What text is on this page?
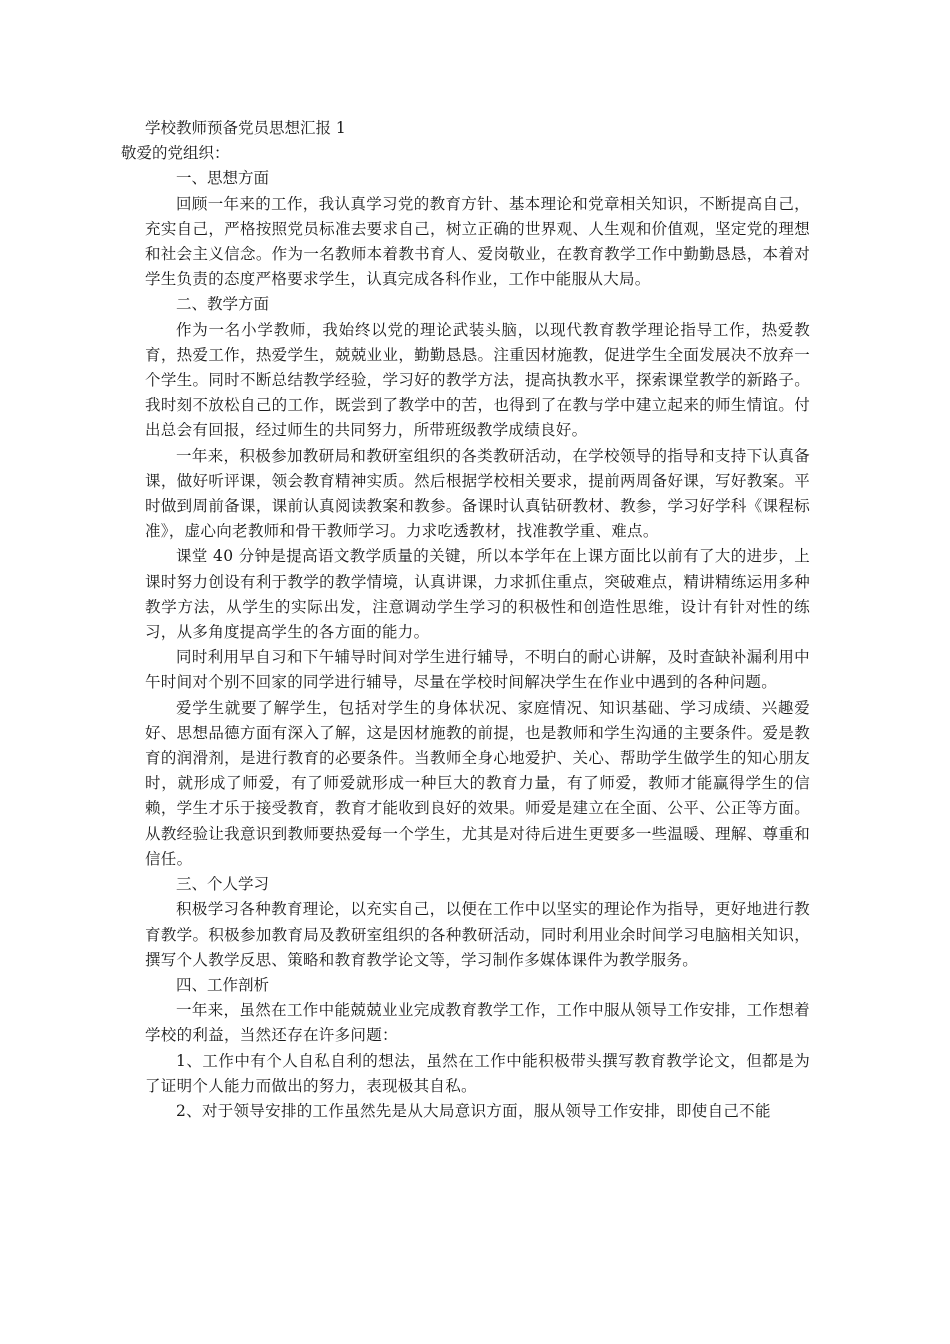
学校教师预备党员思想汇报 1

敬爱的党组织：

一、思想方面

回顾一年来的工作，我认真学习党的教育方针、基本理论和党章相关知识，不断提高自己，充实自己，严格按照党员标准去要求自己，树立正确的世界观、人生观和价值观，坚定党的理想和社会主义信念。作为一名教师本着教书育人、爱岗敬业，在教育教学工作中勤勤恳恳，本着对学生负责的态度严格要求学生，认真完成各科作业，工作中能服从大局。

二、教学方面

作为一名小学教师，我始终以党的理论武装头脑，以现代教育教学理论指导工作，热爱教育，热爱工作，热爱学生，兢兢业业，勤勤恳恳。注重因材施教，促进学生全面发展决不放弃一个学生。同时不断总结教学经验，学习好的教学方法，提高执教水平，探索课堂教学的新路子。我时刻不放松自己的工作，既尝到了教学中的苦，也得到了在教与学中建立起来的师生情谊。付出总会有回报，经过师生的共同努力，所带班级教学成绩良好。

一年来，积极参加教研局和教研室组织的各类教研活动，在学校领导的指导和支持下认真备课，做好听评课，领会教育精神实质。然后根据学校相关要求，提前两周备好课，写好教案。平时做到周前备课，课前认真阅读教案和教参。备课时认真钻研教材、教参，学习好学科《课程标准》，虚心向老教师和骨干教师学习。力求吃透教材，找准教学重、难点。

课堂 40 分钟是提高语文教学质量的关键，所以本学年在上课方面比以前有了大的进步，上课时努力创设有利于教学的教学情境，认真讲课，力求抓住重点，突破难点，精讲精练运用多种教学方法，从学生的实际出发，注意调动学生学习的积极性和创造性思维，设计有针对性的练习，从多角度提高学生的各方面的能力。

同时利用早自习和下午辅导时间对学生进行辅导，不明白的耐心讲解，及时查缺补漏利用中午时间对个别不回家的同学进行辅导，尽量在学校时间解决学生在作业中遇到的各种问题。

爱学生就要了解学生，包括对学生的身体状况、家庭情况、知识基础、学习成绩、兴趣爱好、思想品德方面有深入了解，这是因材施教的前提，也是教师和学生沟通的主要条件。爱是教育的润滑剂，是进行教育的必要条件。当教师全身心地爱护、关心、帮助学生做学生的知心朋友时，就形成了师爱，有了师爱就形成一种巨大的教育力量，有了师爱，教师才能赢得学生的信赖，学生才乐于接受教育，教育才能收到良好的效果。师爱是建立在全面、公平、公正等方面。从教经验让我意识到教师要热爱每一个学生，尤其是对待后进生更要多一些温暖、理解、尊重和信任。

三、个人学习

积极学习各种教育理论，以充实自己，以便在工作中以坚实的理论作为指导，更好地进行教育教学。积极参加教育局及教研室组织的各种教研活动，同时利用业余时间学习电脑相关知识，撰写个人教学反思、策略和教育教学论文等，学习制作多媒体课件为教学服务。

四、工作剖析

一年来，虽然在工作中能兢兢业业完成教育教学工作，工作中服从领导工作安排，工作想着学校的利益，当然还存在许多问题：

1、工作中有个人自私自利的想法，虽然在工作中能积极带头撰写教育教学论文，但都是为了证明个人能力而做出的努力，表现极其自私。

2、对于领导安排的工作虽然先是从大局意识方面，服从领导工作安排，即使自己不能
